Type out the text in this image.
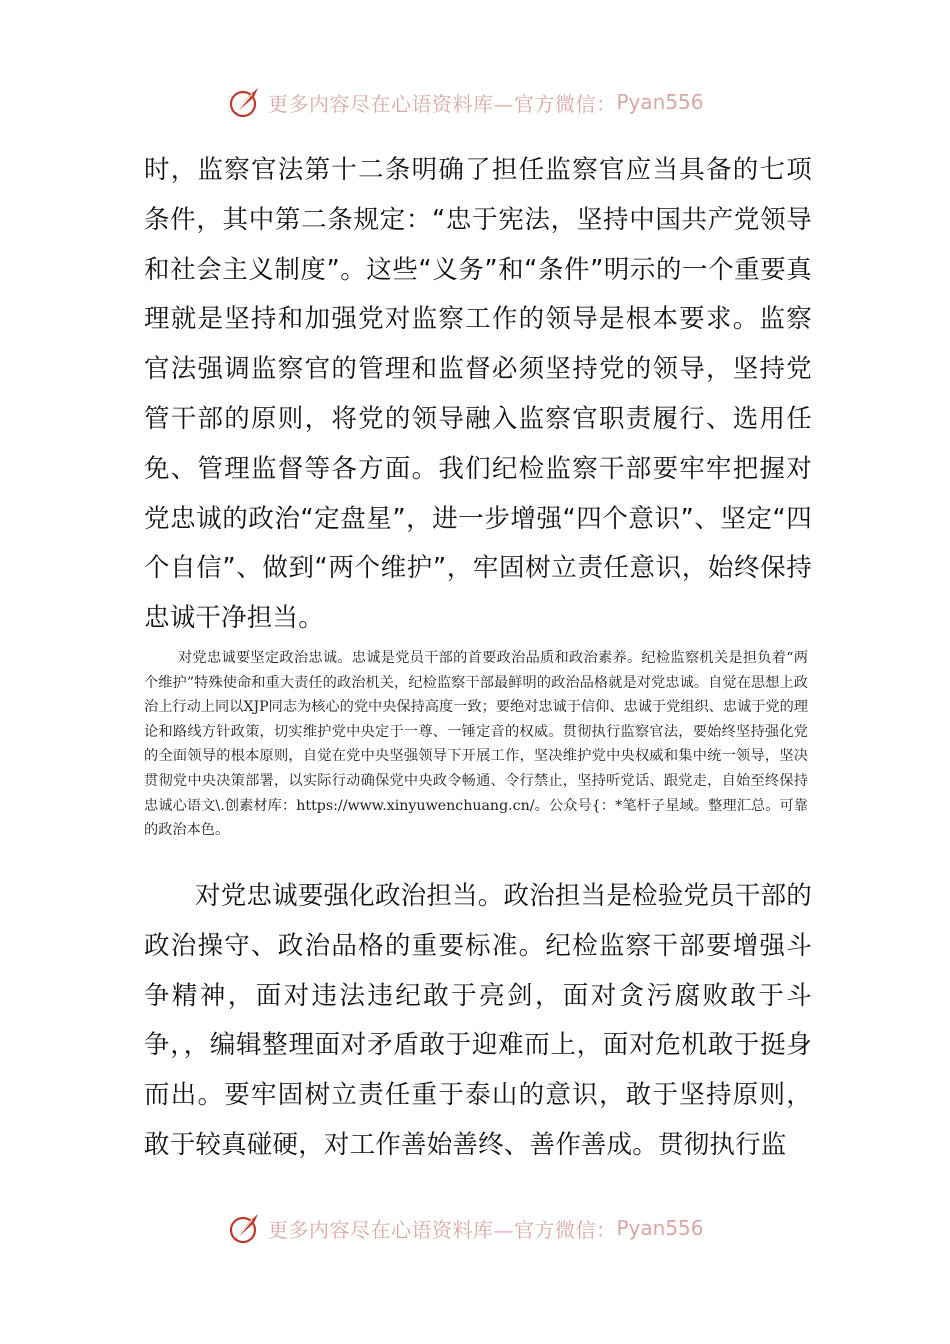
更多内容尽在心语资料库—官方微信： Pyan556

时，监察官法第十二条明确了担任监察官应当具备的七项条件，其中第二条规定：“忠于宪法，坚持中国共产党领导和社会主义制度”。这些“义务”和“条件”明示的一个重要真理就是坚持和加强党对监察工作的领导是根本要求。监察官法强调监察官的管理和监督必须坚持党的领导，坚持党管干部的原则，将党的领导融入监察官职责履行、选用任免、管理监督等各方面。我们纪检监察干部要牢牢把握对党忠诚的政治“定盘星”，进一步增强“四个意识”、坚定“四个自信”、做到“两个维护”，牢固树立责任意识，始终保持忠诚干净担当。

对党忠诚要坚定政治忠诚。忠诚是党员干部的首要政治品质和政治素养。纪检监察机关是担负着“两个维护”特殊使命和重大责任的政治机关，纪检监察干部最鲜明的政治品格就是对党忠诚。自觉在思想上政治上行动上同以XJP同志为核心的党中央保持高度一致；要绝对忠诚于信仰、忠诚于党组织、忠诚于党的理论和路线方针政策，切实维护党中央定于一尊、一锤定音的权威。贯彻执行监察官法，要始终坚持强化党的全面领导的根本原则，自觉在党中央坚强领导下开展工作，坚决维护党中央权威和集中统一领导，坚决贯彻党中央决策部署，以实际行动确保党中央政令畅通、令行禁止，坚持听党话、跟党走，自始至终保持忠诚心语文\.创素材库：https://www.xinyuwenchuang.cn/。公众号{：*笔杆子星域。整理汇总。可靠的政治本色。

对党忠诚要强化政治担当。政治担当是检验党员干部的政治操守、政治品格的重要标准。纪检监察干部要增强斗争精神，面对违法违纪敢于亮剑，面对贪污腐败敢于斗争，，编辑整理面对矛盾敢于迎难而上，面对危机敢于挺身而出。要牢固树立责任重于泰山的意识，敢于坚持原则，敢于较真碰硬，对工作善始善终、善作善成。贯彻执行监

更多内容尽在心语资料库—官方微信： Pyan556
